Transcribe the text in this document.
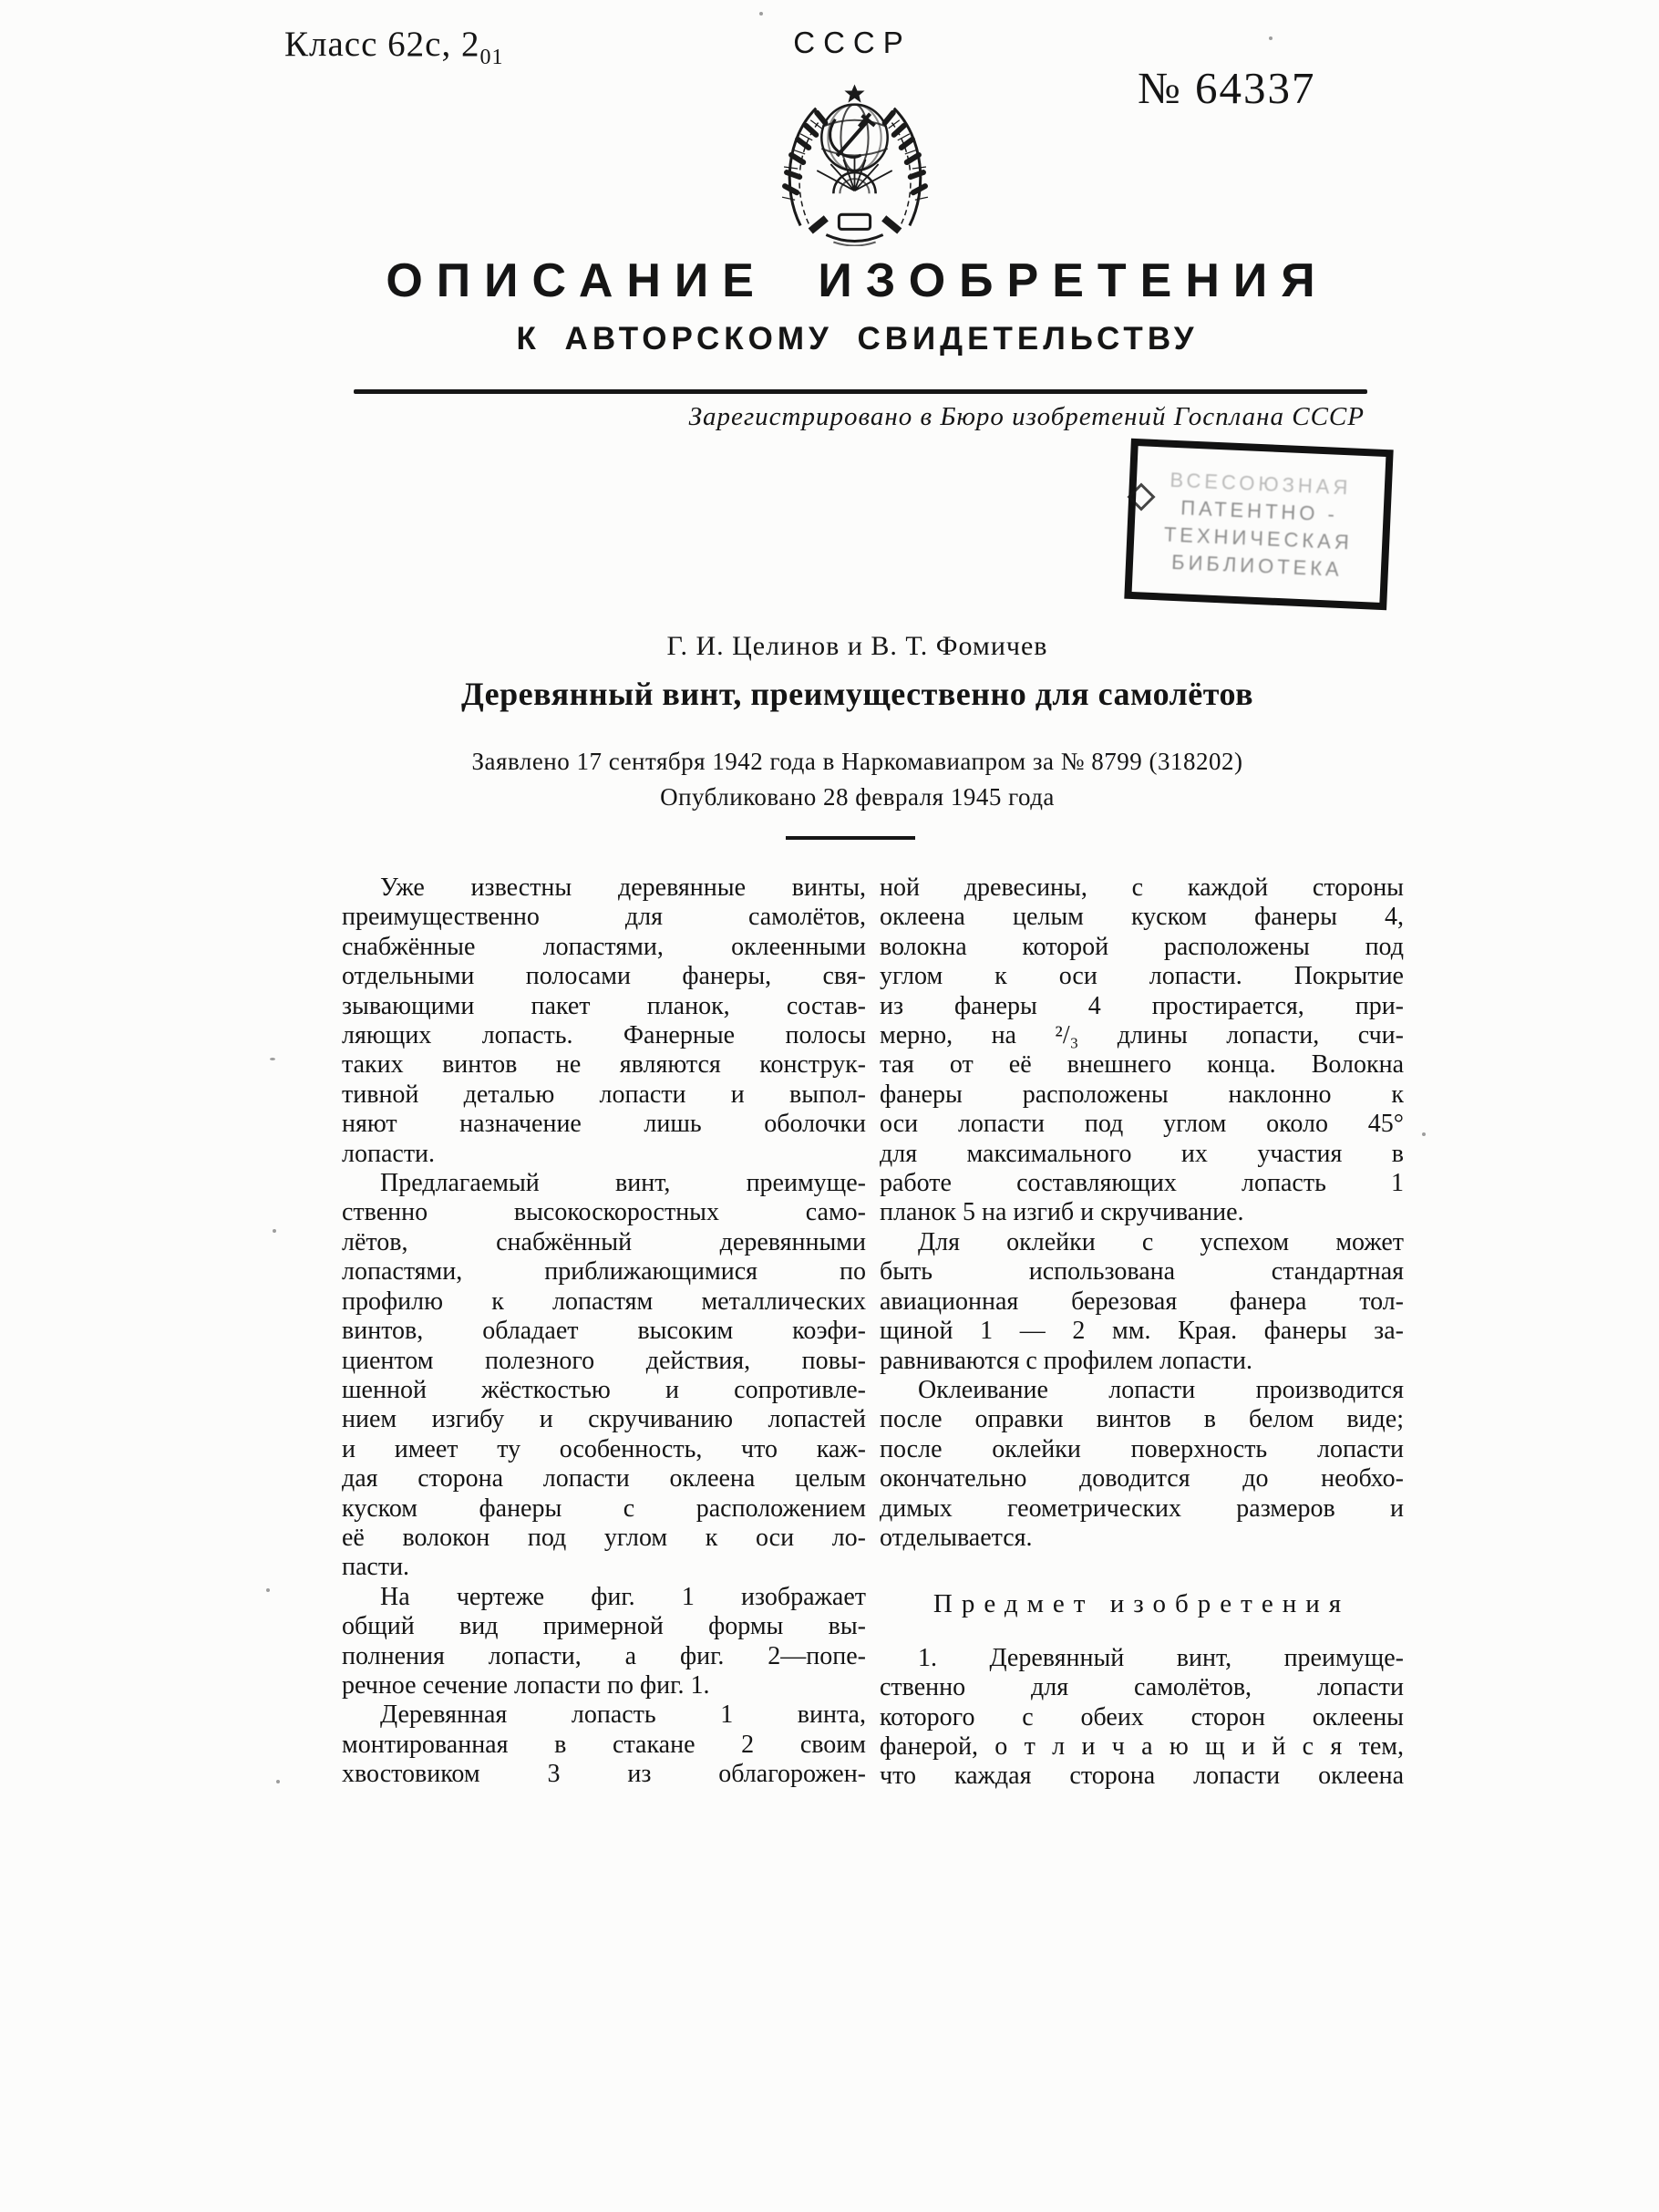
Класс 62c, $2_{01}$	СССР
№ 64337
ОПИСАНИЕ ИЗОБРЕТЕНИЯ
К АВТОРСКОМУ СВИДЕТЕЛЬСТВУ
Зарегистрировано в Бюро изобретений Госплана СССР
ВСЕСОЮЗНАЯ
ПАТЕНТНО -
ТЕХНИЧЕСКАЯ
БИБЛИОТЕКА
Г. И. Целинов и В. Т. Фомичев
Деревянный винт, преимущественно для самолётов
Заявлено 17 сентября 1942 года в Наркомавиапром за № 8799 (318202)
Опубликовано 28 февраля 1945 года
Уже известны деревянные винты,
преимущественно для самолётов,
снабжённые лопастями, оклеенными
отдельными полосами фанеры, свя-
зывающими пакет планок, состав-
ляющих лопасть. Фанерные полосы
таких винтов не являются конструк-
тивной деталью лопасти и выпол-
няют назначение лишь оболочки
лопасти.
Предлагаемый винт, преимуще-
ственно высокоскоростных само-
лётов, снабжённый деревянными
лопастями, приближающимися по
профилю к лопастям металлических
винтов, обладает высоким коэфи-
циентом полезного действия, повы-
шенной жёсткостью и сопротивле-
нием изгибу и скручиванию лопастей
и имеет ту особенность, что каж-
дая сторона лопасти оклеена целым
куском фанеры с расположением
её волокон под углом к оси ло-
пасти.
На чертеже фиг. 1 изображает
общий вид примерной формы вы-
полнения лопасти, а фиг. 2—попе-
речное сечение лопасти по фиг. 1.
Деревянная лопасть 1 винта,
монтированная в стакане 2 своим
хвостовиком 3 из облагорожен-
ной древесины, с каждой стороны
оклеена целым куском фанеры 4,
волокна которой расположены под
углом к оси лопасти. Покрытие
из фанеры 4 простирается, при-
мерно, на ²/₃ длины лопасти, счи-
тая от её внешнего конца. Волокна
фанеры расположены наклонно к
оси лопасти под углом около 45°
для максимального их участия в
работе составляющих лопасть 1
планок 5 на изгиб и скручивание.
Для оклейки с успехом может
быть использована стандартная
авиационная березовая фанера тол-
щиной 1 — 2 мм. Края. фанеры за-
равниваются с профилем лопасти.
Оклеивание лопасти производится
после оправки винтов в белом виде;
после оклейки поверхность лопасти
окончательно доводится до необхо-
димых геометрических размеров и
отделывается.
Предмет изобретения
1. Деревянный винт, преимуще-
ственно для самолётов, лопасти
которого с обеих сторон оклеены
фанерой, о т л и ч а ю щ и й с я тем,
что каждая сторона лопасти оклеена
